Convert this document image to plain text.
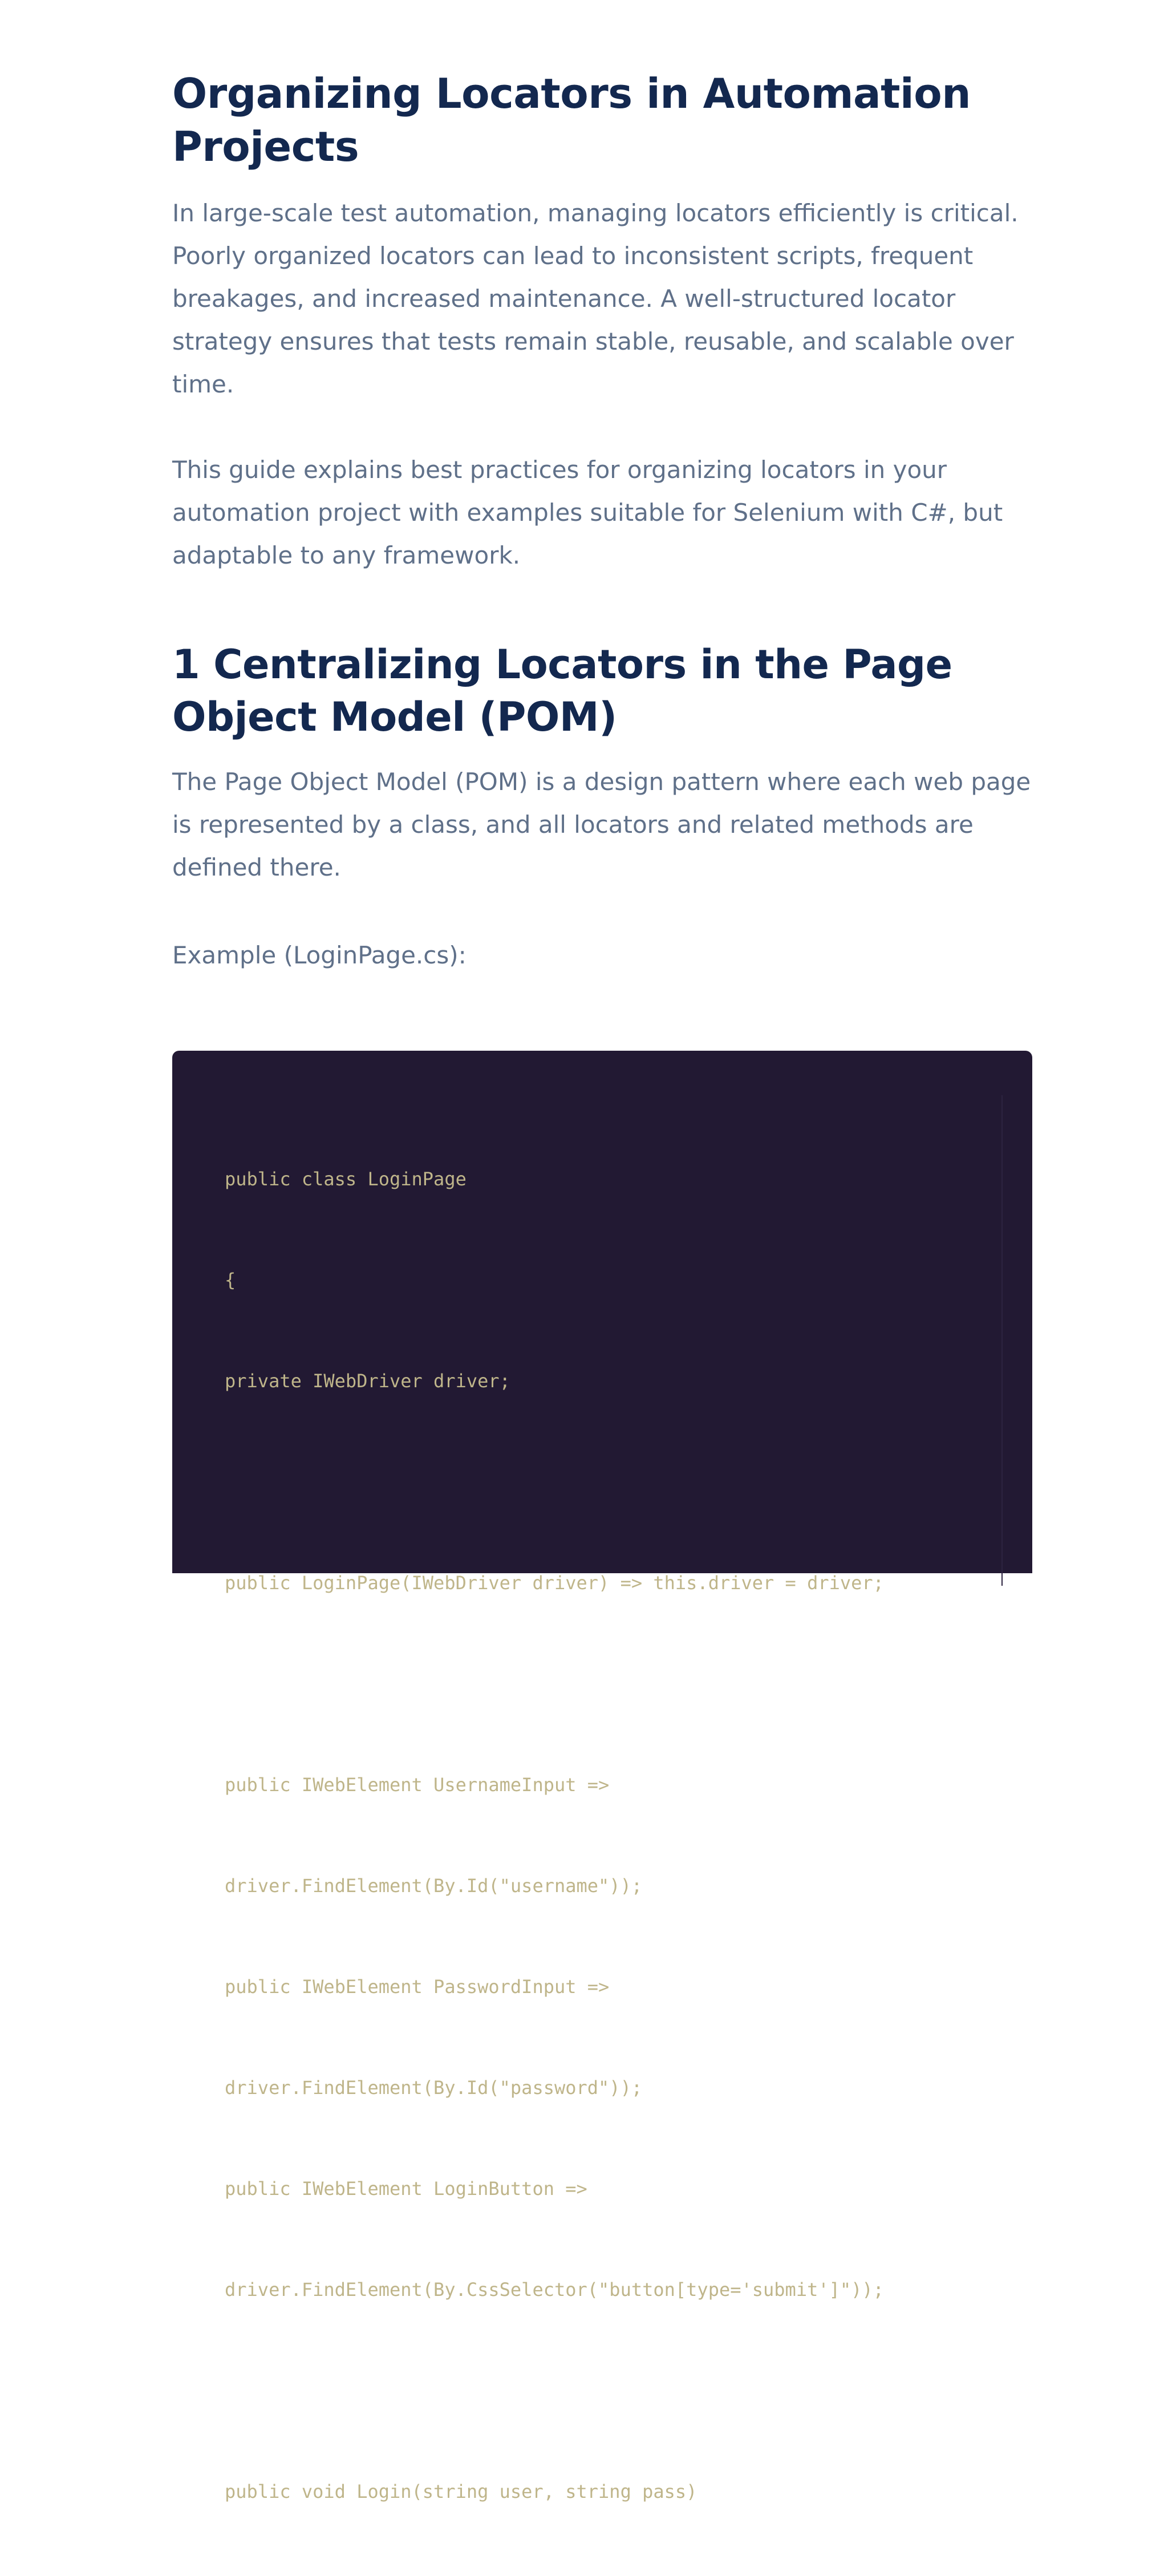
Organizing Locators in Automation Projects

In large-scale test automation, managing locators efficiently is critical. Poorly organized locators can lead to inconsistent scripts, frequent breakages, and increased maintenance. A well-structured locator strategy ensures that tests remain stable, reusable, and scalable over time.

This guide explains best practices for organizing locators in your automation project with examples suitable for Selenium with C#, but adaptable to any framework.

1 Centralizing Locators in the Page Object Model (POM)

The Page Object Model (POM) is a design pattern where each web page is represented by a class, and all locators and related methods are defined there.

Example (LoginPage.cs):

public class LoginPage

{

private IWebDriver driver;

public LoginPage(IWebDriver driver) => this.driver = driver;

public IWebElement UsernameInput =>

driver.FindElement(By.Id("username"));

public IWebElement PasswordInput =>

driver.FindElement(By.Id("password"));

public IWebElement LoginButton =>

driver.FindElement(By.CssSelector("button[type='submit']"));

public void Login(string user, string pass)
